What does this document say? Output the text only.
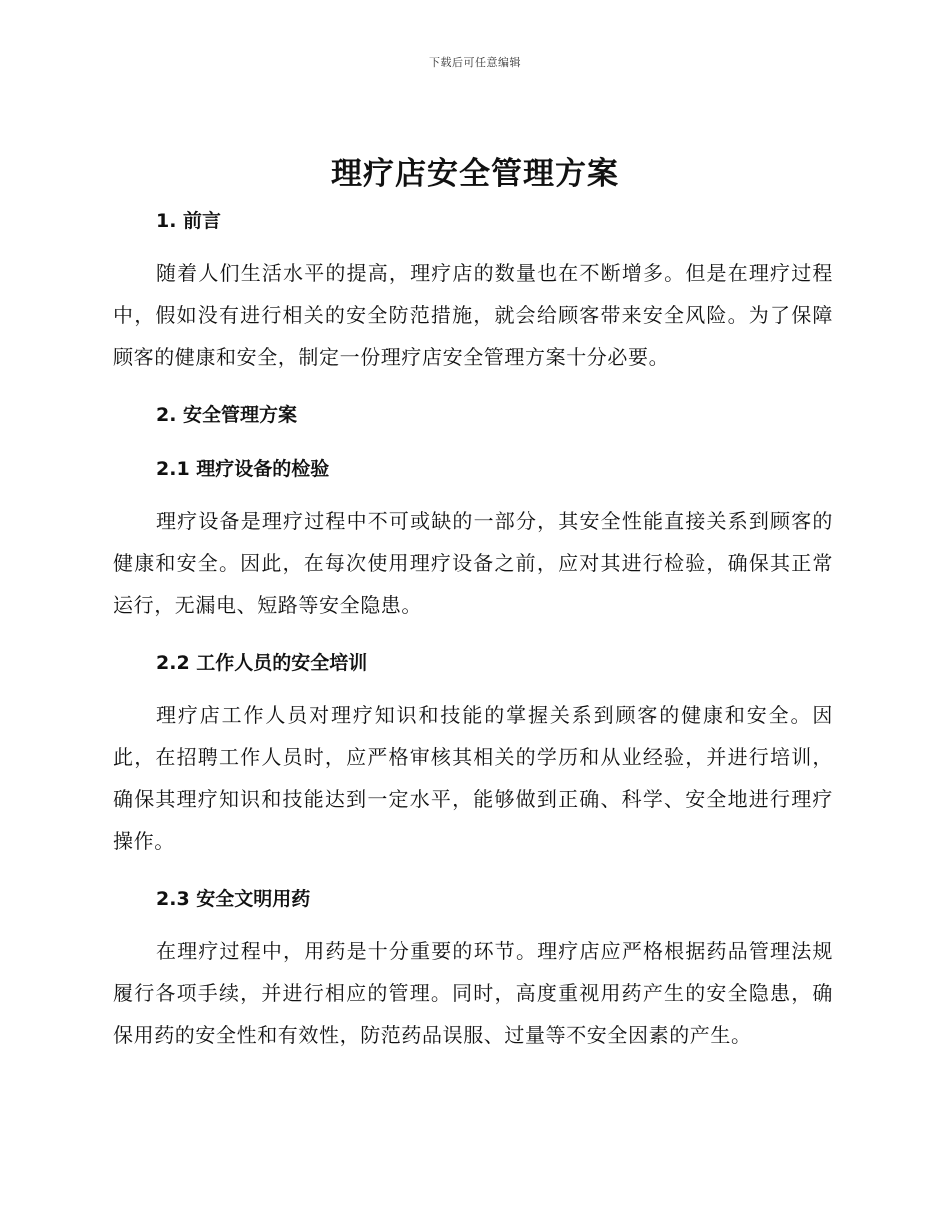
下载后可任意编辑
理疗店安全管理方案
1. 前言

随着人们生活水平的提高，理疗店的数量也在不断增多。但是在理疗过程中，假如没有进行相关的安全防范措施，就会给顾客带来安全风险。为了保障顾客的健康和安全，制定一份理疗店安全管理方案十分必要。

2. 安全管理方案
2.1 理疗设备的检验

理疗设备是理疗过程中不可或缺的一部分，其安全性能直接关系到顾客的健康和安全。因此，在每次使用理疗设备之前，应对其进行检验，确保其正常运行，无漏电、短路等安全隐患。

2.2 工作人员的安全培训

理疗店工作人员对理疗知识和技能的掌握关系到顾客的健康和安全。因此，在招聘工作人员时，应严格审核其相关的学历和从业经验，并进行培训，确保其理疗知识和技能达到一定水平，能够做到正确、科学、安全地进行理疗操作。

2.3 安全文明用药

在理疗过程中，用药是十分重要的环节。理疗店应严格根据药品管理法规履行各项手续，并进行相应的管理。同时，高度重视用药产生的安全隐患，确保用药的安全性和有效性，防范药品误服、过量等不安全因素的产生。
